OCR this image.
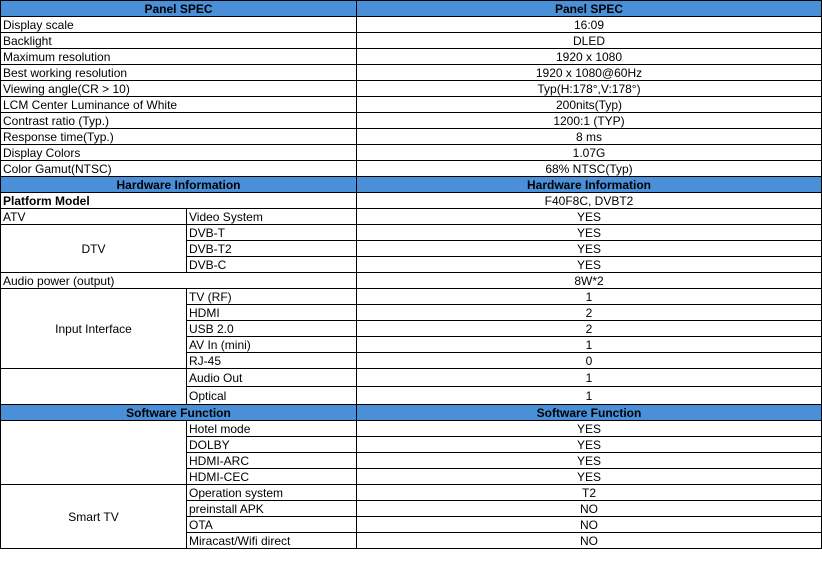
Panel SPEC		Panel SPEC
Display scale		16:09
Backlight		DLED
Maximum resolution		1920 x 1080
Best working resolution		1920 x 1080@60Hz
Viewing angle(CR > 10)		Typ(H:178°,V:178°)
LCM Center Luminance of White		200nits(Typ)
Contrast ratio (Typ.)		1200:1 (TYP)
Response time(Typ.)		8 ms
Display Colors		1.07G
Color Gamut(NTSC)		68% NTSC(Typ)
Hardware Information		Hardware Information
Platform Model		F40F8C, DVBT2
ATV	Video System	YES
DTV	DVB-T	YES
	DVB-T2	YES
	DVB-C	YES
Audio power (output)		8W*2
Input Interface	TV (RF)	1
	HDMI	2
	USB 2.0	2
	AV In (mini)	1
	RJ-45	0
	Audio Out	1
	Optical	1
Software Function		Software Function
	Hotel mode	YES
	DOLBY	YES
	HDMI-ARC	YES
	HDMI-CEC	YES
Smart TV	Operation system	T2
	preinstall APK	NO
	OTA	NO
	Miracast/Wifi direct	NO
